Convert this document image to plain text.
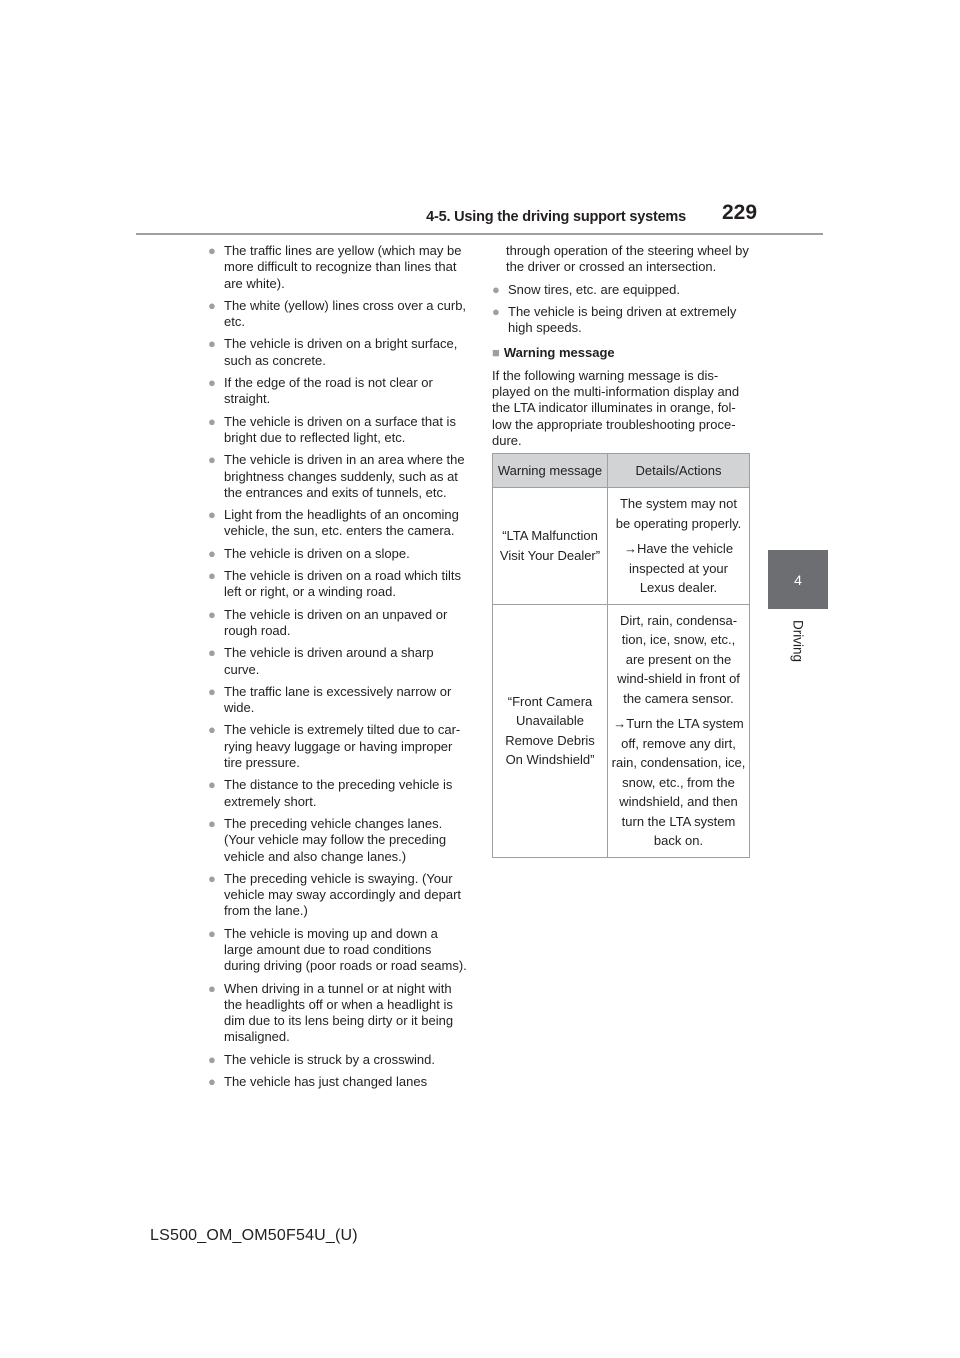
4-5. Using the driving support systems 229
4
Driving
● The traffic lines are yellow (which may be more difficult to recognize than lines that are white).
● The white (yellow) lines cross over a curb, etc.
● The vehicle is driven on a bright surface, such as concrete.
● If the edge of the road is not clear or straight.
● The vehicle is driven on a surface that is bright due to reflected light, etc.
● The vehicle is driven in an area where the brightness changes suddenly, such as at the entrances and exits of tunnels, etc.
● Light from the headlights of an oncoming vehicle, the sun, etc. enters the camera.
● The vehicle is driven on a slope.
● The vehicle is driven on a road which tilts left or right, or a winding road.
● The vehicle is driven on an unpaved or rough road.
● The vehicle is driven around a sharp curve.
● The traffic lane is excessively narrow or wide.
● The vehicle is extremely tilted due to car-rying heavy luggage or having improper tire pressure.
● The distance to the preceding vehicle is extremely short.
● The preceding vehicle changes lanes. (Your vehicle may follow the preceding vehicle and also change lanes.)
● The preceding vehicle is swaying. (Your vehicle may sway accordingly and depart from the lane.)
● The vehicle is moving up and down a large amount due to road conditions during driving (poor roads or road seams).
● When driving in a tunnel or at night with the headlights off or when a headlight is dim due to its lens being dirty or it being misaligned.
● The vehicle is struck by a crosswind.
● The vehicle has just changed lanes
through operation of the steering wheel by the driver or crossed an intersection.
● Snow tires, etc. are equipped.
● The vehicle is being driven at extremely high speeds.
■ Warning message
If the following warning message is dis-played on the multi-information display and the LTA indicator illuminates in orange, fol-low the appropriate troubleshooting proce-dure.
Warning message	Details/Actions
“LTA Malfunction Visit Your Dealer”	The system may not be operating properly.

→Have the vehicle inspected at your Lexus dealer.

“Front Camera Unavailable Remove Debris On Windshield”	Dirt, rain, condensa-tion, ice, snow, etc., are present on the wind-shield in front of the camera sensor.

→Turn the LTA system off, remove any dirt, rain, condensation, ice, snow, etc., from the windshield, and then turn the LTA system back on.

LS500_OM_OM50F54U_(U)
